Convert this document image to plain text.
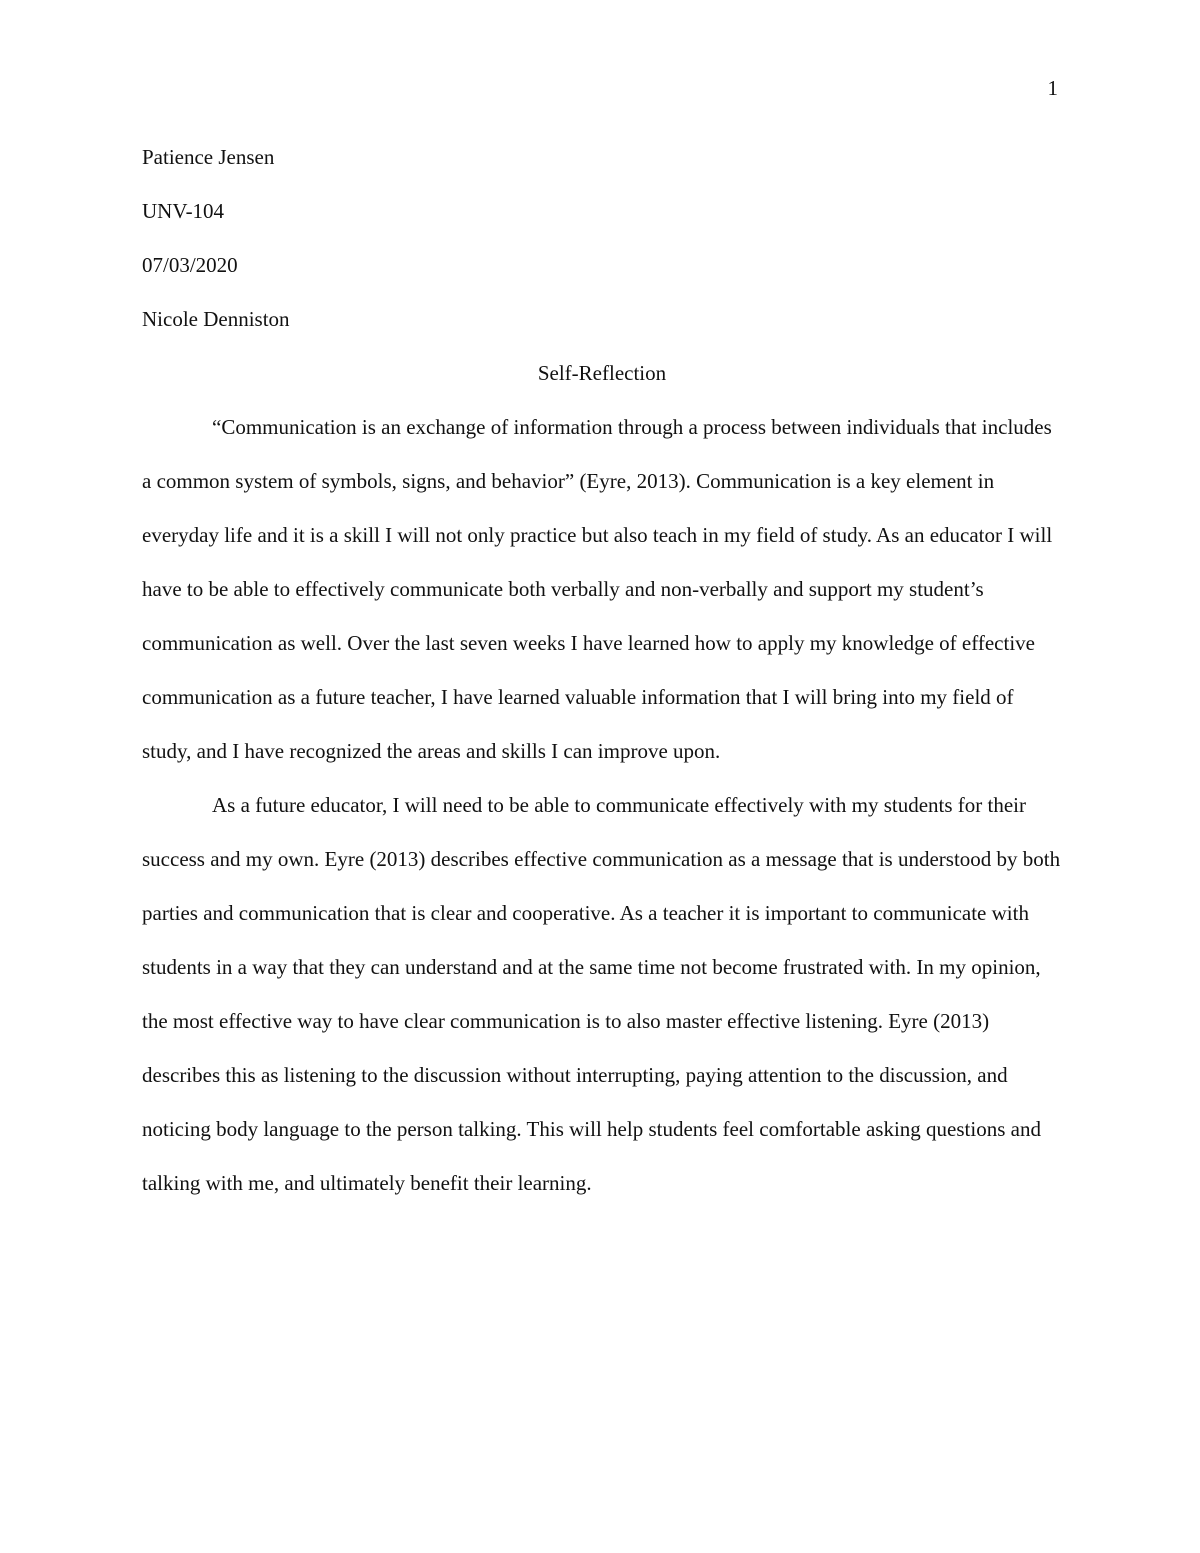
1

Patience Jensen

UNV-104

07/03/2020

Nicole Denniston

Self-Reflection

“Communication is an exchange of information through a process between individuals that includes a common system of symbols, signs, and behavior” (Eyre, 2013). Communication is a key element in everyday life and it is a skill I will not only practice but also teach in my field of study. As an educator I will have to be able to effectively communicate both verbally and non-verbally and support my student’s communication as well. Over the last seven weeks I have learned how to apply my knowledge of effective communication as a future teacher, I have learned valuable information that I will bring into my field of study, and I have recognized the areas and skills I can improve upon.

As a future educator, I will need to be able to communicate effectively with my students for their success and my own. Eyre (2013) describes effective communication as a message that is understood by both parties and communication that is clear and cooperative. As a teacher it is important to communicate with students in a way that they can understand and at the same time not become frustrated with. In my opinion, the most effective way to have clear communication is to also master effective listening. Eyre (2013) describes this as listening to the discussion without interrupting, paying attention to the discussion, and noticing body language to the person talking. This will help students feel comfortable asking questions and talking with me, and ultimately benefit their learning.
